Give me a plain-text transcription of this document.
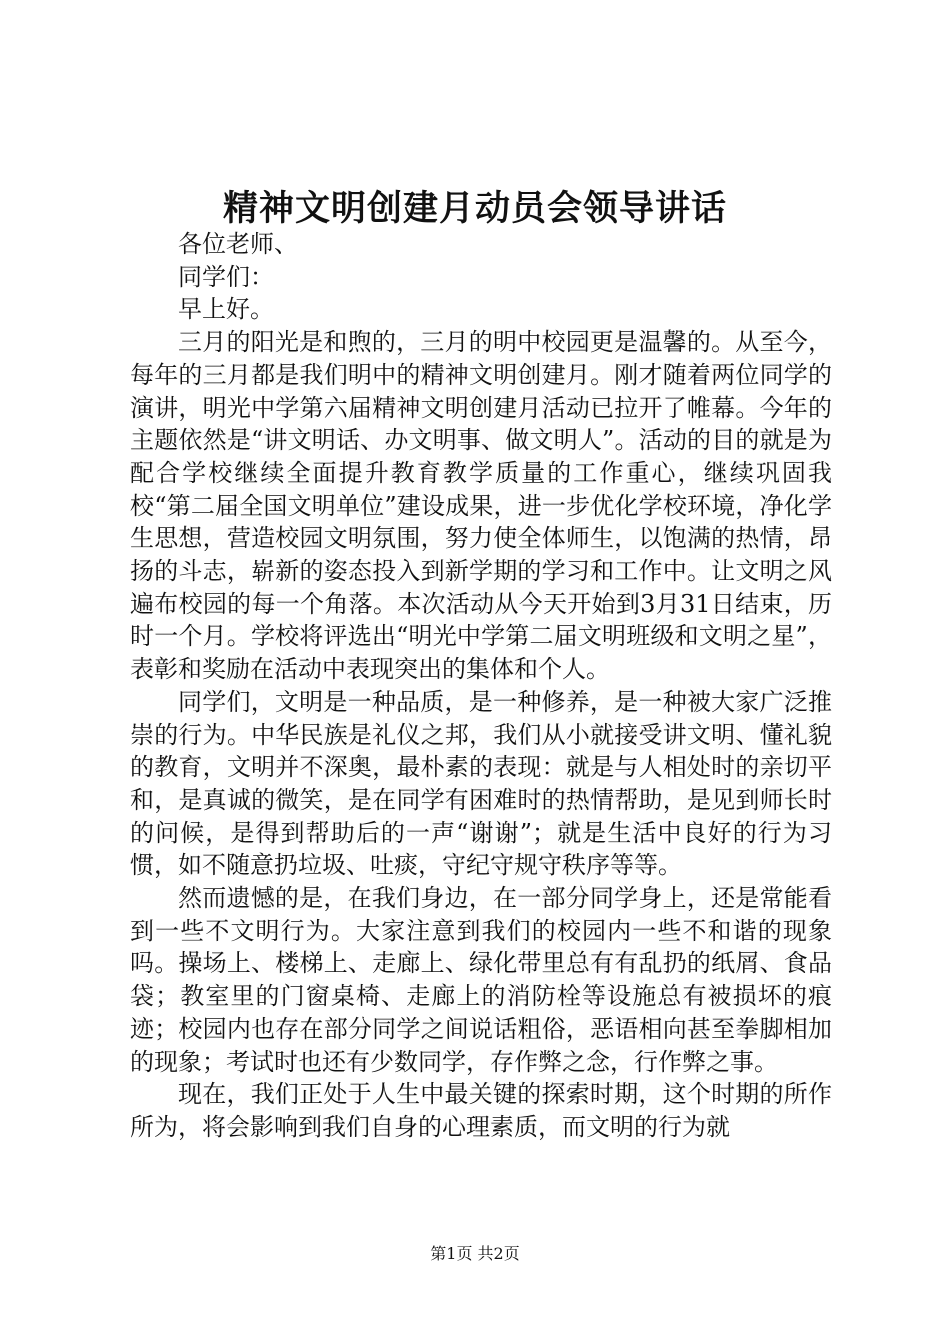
精神文明创建月动员会领导讲话

各位老师、

同学们：

早上好。

三月的阳光是和煦的，三月的明中校园更是温馨的。从至今，每年的三月都是我们明中的精神文明创建月。刚才随着两位同学的演讲，明光中学第六届精神文明创建月活动已拉开了帷幕。今年的主题依然是“讲文明话、办文明事、做文明人”。活动的目的就是为配合学校继续全面提升教育教学质量的工作重心，继续巩固我校“第二届全国文明单位”建设成果，进一步优化学校环境，净化学生思想，营造校园文明氛围，努力使全体师生，以饱满的热情，昂扬的斗志，崭新的姿态投入到新学期的学习和工作中。让文明之风遍布校园的每一个角落。本次活动从今天开始到3月31日结束，历时一个月。学校将评选出“明光中学第二届文明班级和文明之星”，表彰和奖励在活动中表现突出的集体和个人。

同学们，文明是一种品质，是一种修养，是一种被大家广泛推崇的行为。中华民族是礼仪之邦，我们从小就接受讲文明、懂礼貌的教育，文明并不深奥，最朴素的表现：就是与人相处时的亲切平和，是真诚的微笑，是在同学有困难时的热情帮助，是见到师长时的问候，是得到帮助后的一声“谢谢”；就是生活中良好的行为习惯，如不随意扔垃圾、吐痰，守纪守规守秩序等等。

然而遗憾的是，在我们身边，在一部分同学身上，还是常能看到一些不文明行为。大家注意到我们的校园内一些不和谐的现象吗。操场上、楼梯上、走廊上、绿化带里总有有乱扔的纸屑、食品袋；教室里的门窗桌椅、走廊上的消防栓等设施总有被损坏的痕迹；校园内也存在部分同学之间说话粗俗，恶语相向甚至拳脚相加的现象；考试时也还有少数同学，存作弊之念，行作弊之事。

现在，我们正处于人生中最关键的探索时期，这个时期的所作所为，将会影响到我们自身的心理素质，而文明的行为就

第1页 共2页
